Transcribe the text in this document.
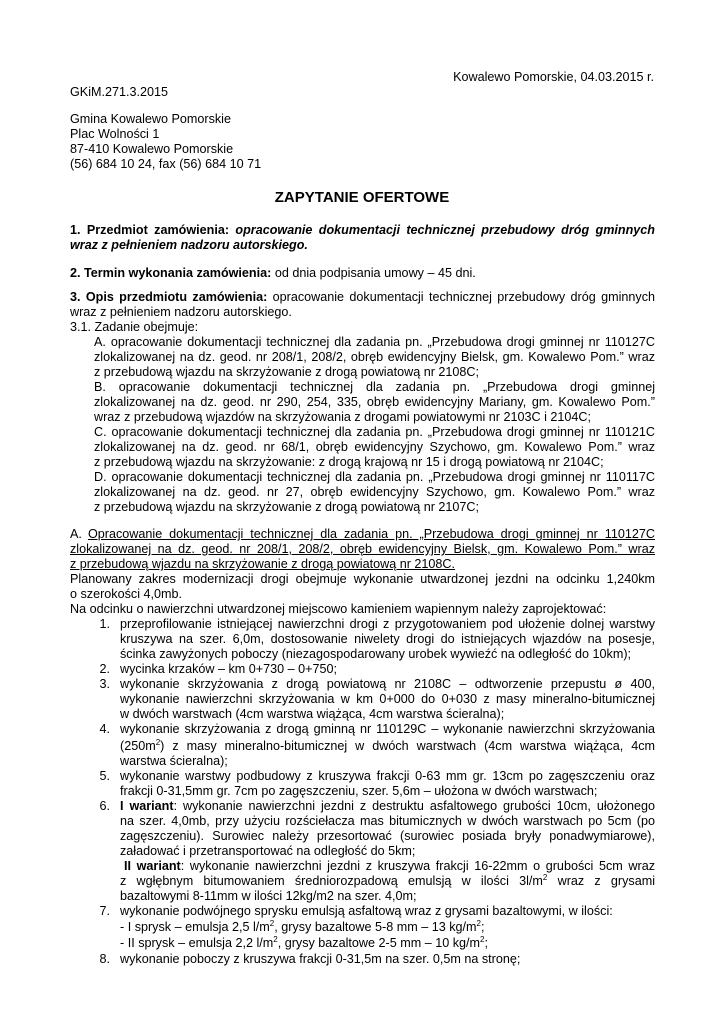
Kowalewo Pomorskie, 04.03.2015 r.
GKiM.271.3.2015
Gmina Kowalewo Pomorskie
Plac Wolności 1
87-410 Kowalewo Pomorskie
(56) 684 10 24, fax (56) 684 10 71
ZAPYTANIE OFERTOWE
1. Przedmiot zamówienia: opracowanie dokumentacji technicznej przebudowy dróg gminnych
wraz z pełnieniem nadzoru autorskiego.
2. Termin wykonania zamówienia: od dnia podpisania umowy – 45 dni.
3. Opis przedmiotu zamówienia: opracowanie dokumentacji technicznej przebudowy dróg gminnych
wraz z pełnieniem nadzoru autorskiego.
3.1. Zadanie obejmuje:
A. opracowanie dokumentacji technicznej dla zadania pn. „Przebudowa drogi gminnej nr 110127C
zlokalizowanej na dz. geod. nr 208/1, 208/2, obręb ewidencyjny Bielsk, gm. Kowalewo Pom.” wraz
z przebudową wjazdu na skrzyżowanie z drogą powiatową nr 2108C;
B. opracowanie dokumentacji technicznej dla zadania pn. „Przebudowa drogi gminnej
zlokalizowanej na dz. geod. nr 290, 254, 335, obręb ewidencyjny Mariany, gm. Kowalewo Pom.”
wraz z przebudową wjazdów na skrzyżowania z drogami powiatowymi nr 2103C i 2104C;
C. opracowanie dokumentacji technicznej dla zadania pn. „Przebudowa drogi gminnej nr 110121C
zlokalizowanej na dz. geod. nr 68/1, obręb ewidencyjny Szychowo, gm. Kowalewo Pom.” wraz
z przebudową wjazdu na skrzyżowanie: z drogą krajową nr 15 i drogą powiatową nr 2104C;
D. opracowanie dokumentacji technicznej dla zadania pn. „Przebudowa drogi gminnej nr 110117C
zlokalizowanej na dz. geod. nr 27, obręb ewidencyjny Szychowo, gm. Kowalewo Pom.” wraz
z przebudową wjazdu na skrzyżowanie z drogą powiatową nr 2107C;
A. Opracowanie dokumentacji technicznej dla zadania pn. „Przebudowa drogi gminnej nr 110127C
zlokalizowanej na dz. geod. nr 208/1, 208/2, obręb ewidencyjny Bielsk, gm. Kowalewo Pom.” wraz
z przebudową wjazdu na skrzyżowanie z drogą powiatową nr 2108C.
Planowany zakres modernizacji drogi obejmuje wykonanie utwardzonej jezdni na odcinku 1,240km
o szerokości 4,0mb.
Na odcinku o nawierzchni utwardzonej miejscowo kamieniem wapiennym należy zaprojektować:
1. przeprofilowanie istniejącej nawierzchni drogi z przygotowaniem pod ułożenie dolnej warstwy
kruszywa na szer. 6,0m, dostosowanie niwelety drogi do istniejących wjazdów na posesje,
ścinka zawyżonych poboczy (niezagospodarowany urobek wywieźć na odległość do 10km);
2. wycinka krzaków – km 0+730 – 0+750;
3. wykonanie skrzyżowania z drogą powiatową nr 2108C – odtworzenie przepustu ø 400,
wykonanie nawierzchni skrzyżowania w km 0+000 do 0+030 z masy mineralno-bitumicznej
w dwóch warstwach (4cm warstwa wiążąca, 4cm warstwa ścieralna);
4. wykonanie skrzyżowania z drogą gminną nr 110129C – wykonanie nawierzchni skrzyżowania
$(250m^2)$ z masy mineralno-bitumicznej w dwóch warstwach (4cm warstwa wiążąca, 4cm
warstwa ścieralna);
5. wykonanie warstwy podbudowy z kruszywa frakcji 0-63 mm gr. 13cm po zagęszczeniu oraz
frakcji 0-31,5mm gr. 7cm po zagęszczeniu, szer. 5,6m – ułożona w dwóch warstwach;
6. I wariant: wykonanie nawierzchni jezdni z destruktu asfaltowego grubości 10cm, ułożonego
na szer. 4,0mb, przy użyciu rozściełacza mas bitumicznych w dwóch warstwach po 5cm (po
zagęszczeniu). Surowiec należy przesortować (surowiec posiada bryły ponadwymiarowe),
załadować i przetransportować na odległość do 5km;
II wariant: wykonanie nawierzchni jezdni z kruszywa frakcji 16-22mm o grubości 5cm wraz
z wgłębnym bitumowaniem średniorozpadową emulsją w ilości $3l/m^2$ wraz z grysami
bazaltowymi 8-11mm w ilości 12kg/m2 na szer. 4,0m;
7. wykonanie podwójnego sprysku emulsją asfaltową wraz z grysami bazaltowymi, w ilości:
- I sprysk – emulsja 2,5 $l/m^2$, grysy bazaltowe 5-8 mm – 13 $kg/m^2$;
- II sprysk – emulsja 2,2 $l/m^2$, grysy bazaltowe 2-5 mm – 10 $kg/m^2$;
8. wykonanie poboczy z kruszywa frakcji 0-31,5m na szer. 0,5m na stronę;
